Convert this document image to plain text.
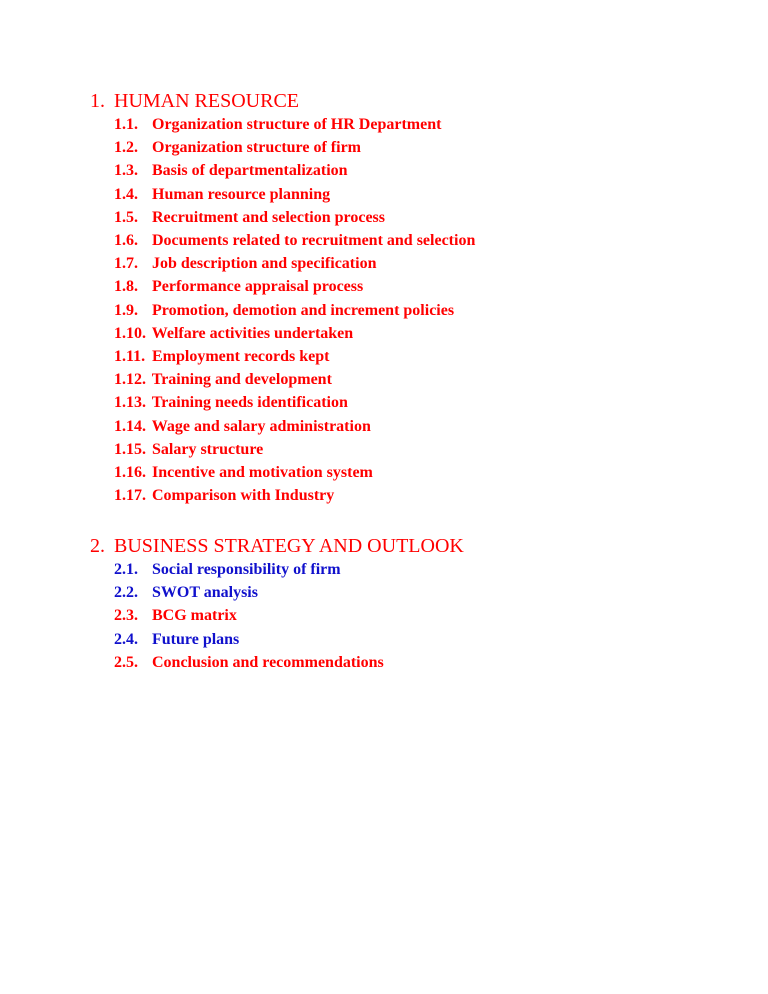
1. HUMAN RESOURCE
1.1. Organization structure of HR Department
1.2. Organization structure of firm
1.3. Basis of departmentalization
1.4. Human resource planning
1.5. Recruitment and selection process
1.6. Documents related to recruitment and selection
1.7. Job description and specification
1.8. Performance appraisal process
1.9. Promotion, demotion and increment policies
1.10. Welfare activities undertaken
1.11. Employment records kept
1.12. Training and development
1.13. Training needs identification
1.14. Wage and salary administration
1.15. Salary structure
1.16. Incentive and motivation system
1.17. Comparison with Industry
2. BUSINESS STRATEGY AND OUTLOOK
2.1. Social responsibility of firm
2.2. SWOT analysis
2.3. BCG matrix
2.4. Future plans
2.5. Conclusion and recommendations
